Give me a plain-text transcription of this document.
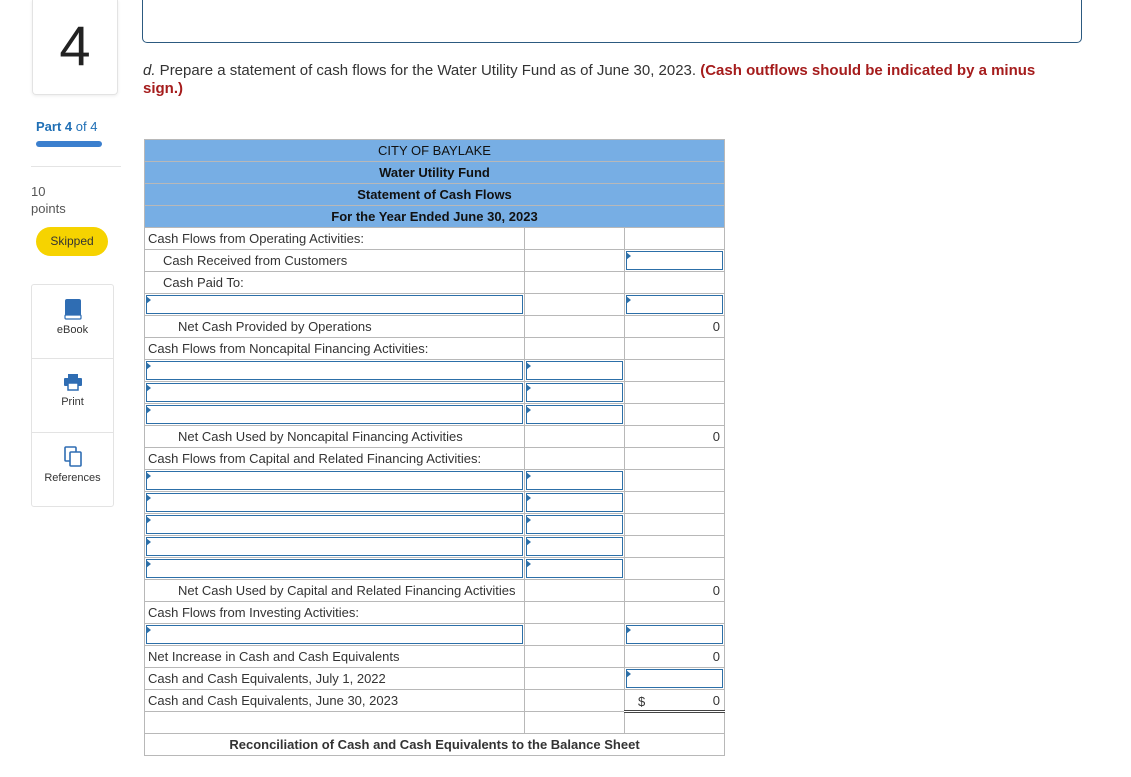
4
Part 4 of 4
10
points
Skipped
eBook
Print
References
d. Prepare a statement of cash flows for the Water Utility Fund as of June 30, 2023. (Cash outflows should be indicated by a minus sign.)
CITY OF BAYLAKE		
Water Utility Fund		
Statement of Cash Flows		
For the Year Ended June 30, 2023		
Cash Flows from Operating Activities:		
Cash Received from Customers		
Cash Paid To:		

Net Cash Provided by Operations		0
Cash Flows from Noncapital Financing Activities:		

Net Cash Used by Noncapital Financing Activities		0
Cash Flows from Capital and Related Financing Activities:		

Net Cash Used by Capital and Related Financing Activities		0
Cash Flows from Investing Activities:		

Net Increase in Cash and Cash Equivalents		0
Cash and Cash Equivalents, July 1, 2022		
Cash and Cash Equivalents, June 30, 2023		$ 0

Reconciliation of Cash and Cash Equivalents to the Balance Sheet		
